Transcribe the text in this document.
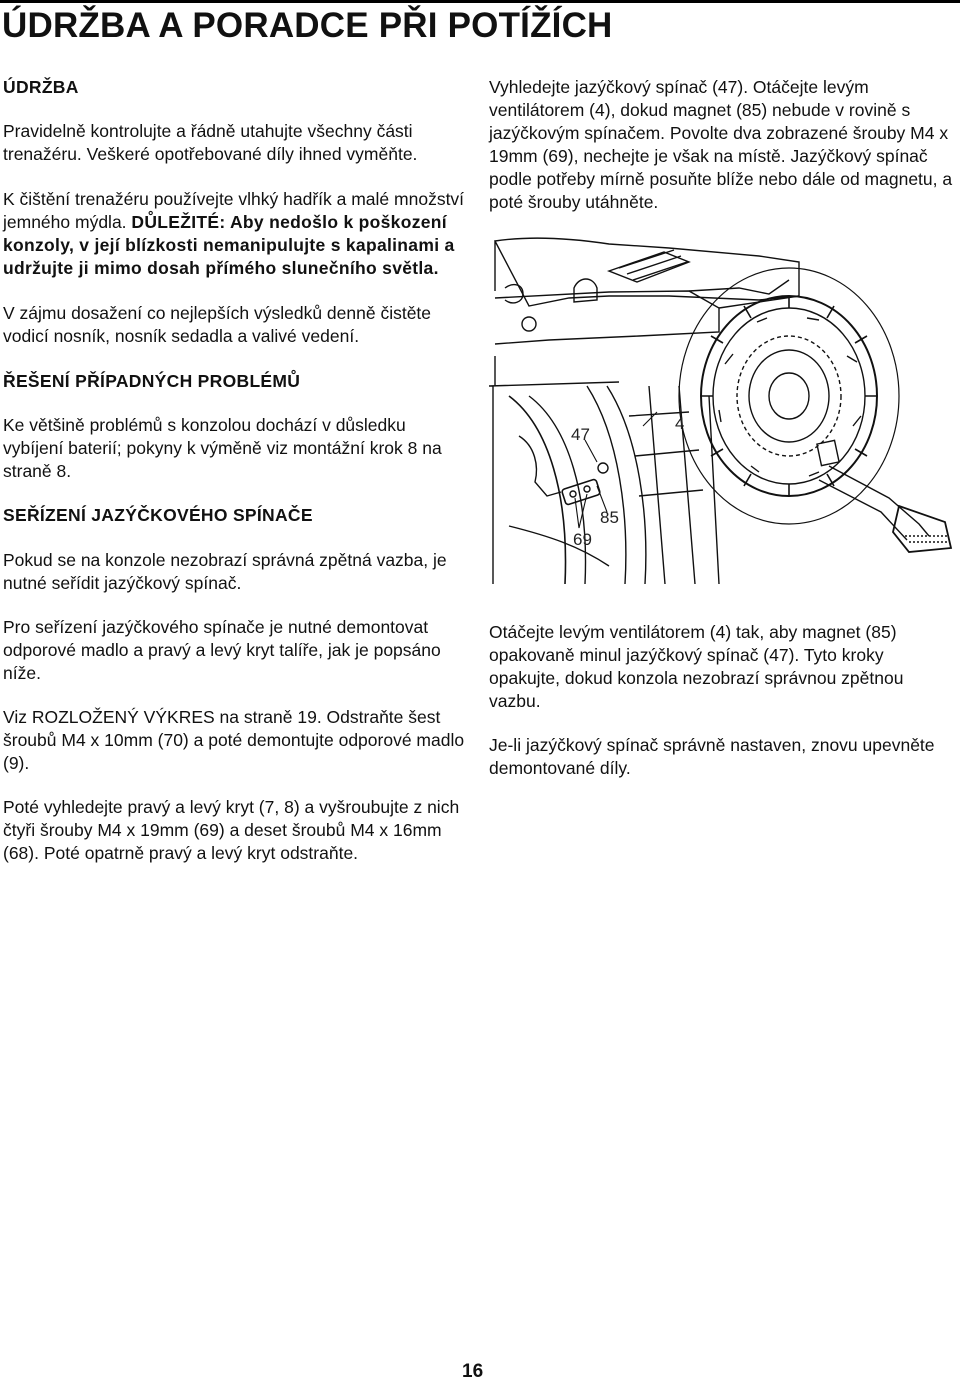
ÚDRŽBA A PORADCE PŘI POTÍŽÍCH
ÚDRŽBA

Pravidelně kontrolujte a řádně utahujte všechny části trenažéru. Veškeré opotřebované díly ihned vyměňte.

K čištění trenažéru používejte vlhký hadřík a malé množství jemného mýdla. DŮLEŽITÉ: Aby nedošlo k poškození konzoly, v její blízkosti nemanipulujte s kapalinami a udržujte ji mimo dosah přímého slunečního světla.

V zájmu dosažení co nejlepších výsledků denně čistěte vodicí nosník, nosník sedadla a valivé vedení.

ŘEŠENÍ PŘÍPADNÝCH PROBLÉMŮ

Ke většině problémů s konzolou dochází v důsledku vybíjení baterií; pokyny k výměně viz montážní krok 8 na straně 8.

SEŘÍZENÍ JAZÝČKOVÉHO SPÍNAČE

Pokud se na konzole nezobrazí správná zpětná vazba, je nutné seřídit jazýčkový spínač.

Pro seřízení jazýčkového spínače je nutné demontovat odporové madlo a pravý a levý kryt talíře, jak je popsáno níže.

Viz ROZLOŽENÝ VÝKRES na straně 19. Odstraňte šest šroubů M4 x 10mm (70) a poté demontujte odporové madlo (9).

Poté vyhledejte pravý a levý kryt (7, 8) a vyšroubujte z nich čtyři šrouby M4 x 19mm (69) a deset šroubů M4 x 16mm (68). Poté opatrně pravý a levý kryt odstraňte.

Vyhledejte jazýčkový spínač (47). Otáčejte levým ventilátorem (4), dokud magnet (85) nebude v rovině s jazýčkovým spínačem. Povolte dva zobrazené šrouby M4 x 19mm (69), nechejte je však na místě. Jazýčkový spínač podle potřeby mírně posuňte blíže nebo dále od magnetu, a poté šrouby utáhněte.

47
4
85
69

Otáčejte levým ventilátorem (4) tak, aby magnet (85) opakovaně minul jazýčkový spínač (47). Tyto kroky opakujte, dokud konzola nezobrazí správnou zpětnou vazbu.

Je-li jazýčkový spínač správně nastaven, znovu upevněte demontované díly.

16
